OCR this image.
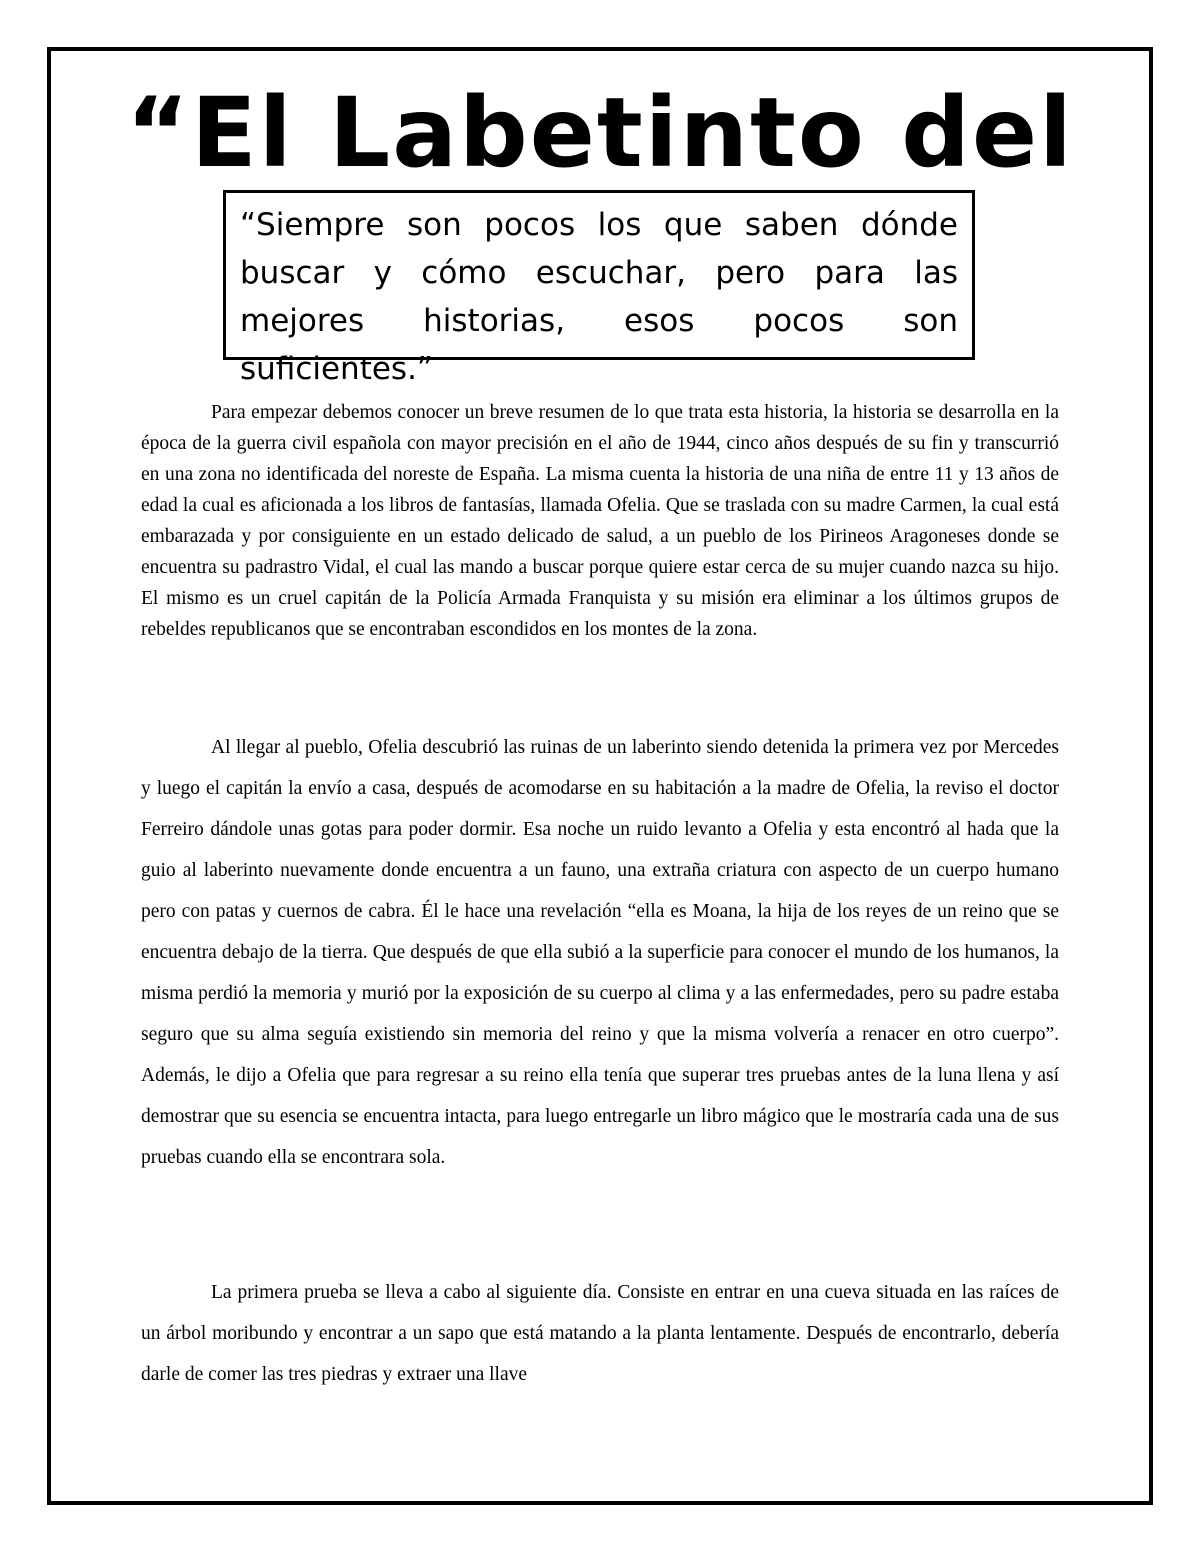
“El Labetinto del
“Siempre son pocos los que saben dónde buscar y cómo escuchar, pero para las mejores historias, esos pocos son suficientes.”

Para empezar debemos conocer un breve resumen de lo que trata esta historia, la historia se desarrolla en la época de la guerra civil española con mayor precisión en el año de 1944, cinco años después de su fin y transcurrió en una zona no identificada del noreste de España. La misma cuenta la historia de una niña de entre 11 y 13 años de edad la cual es aficionada a los libros de fantasías, llamada Ofelia. Que se traslada con su madre Carmen, la cual está embarazada y por consiguiente en un estado delicado de salud, a un pueblo de los Pirineos Aragoneses donde se encuentra su padrastro Vidal, el cual las mando a buscar porque quiere estar cerca de su mujer cuando nazca su hijo. El mismo es un cruel capitán de la Policía Armada Franquista y su misión era eliminar a los últimos grupos de rebeldes republicanos que se encontraban escondidos en los montes de la zona.

Al llegar al pueblo, Ofelia descubrió las ruinas de un laberinto siendo detenida la primera vez por Mercedes y luego el capitán la envío a casa, después de acomodarse en su habitación a la madre de Ofelia, la reviso el doctor Ferreiro dándole unas gotas para poder dormir. Esa noche un ruido levanto a Ofelia y esta encontró al hada que la guio al laberinto nuevamente donde encuentra a un fauno, una extraña criatura con aspecto de un cuerpo humano pero con patas y cuernos de cabra. Él le hace una revelación “ella es Moana, la hija de los reyes de un reino que se encuentra debajo de la tierra. Que después de que ella subió a la superficie para conocer el mundo de los humanos, la misma perdió la memoria y murió por la exposición de su cuerpo al clima y a las enfermedades, pero su padre estaba seguro que su alma seguía existiendo sin memoria del reino y que la misma volvería a renacer en otro cuerpo”. Además, le dijo a Ofelia que para regresar a su reino ella tenía que superar tres pruebas antes de la luna llena y así demostrar que su esencia se encuentra intacta, para luego entregarle un libro mágico que le mostraría cada una de sus pruebas cuando ella se encontrara sola.

La primera prueba se lleva a cabo al siguiente día. Consiste en entrar en una cueva situada en las raíces de un árbol moribundo y encontrar a un sapo que está matando a la planta lentamente. Después de encontrarlo, debería darle de comer las tres piedras y extraer una llave
